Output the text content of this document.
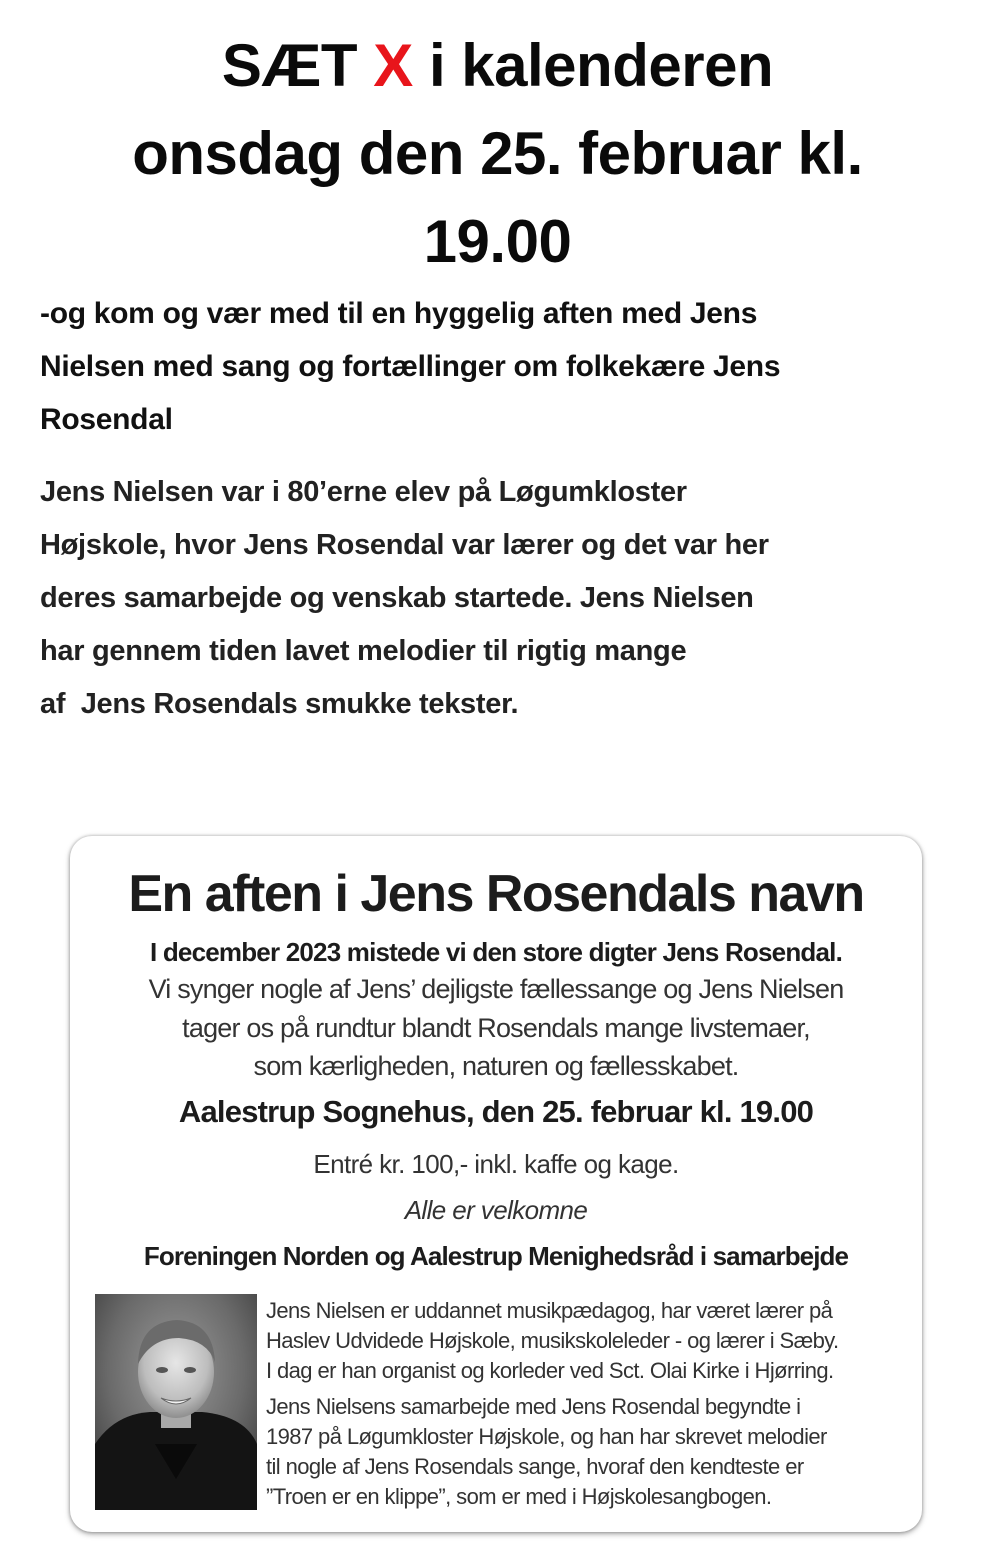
SÆT X i kalenderen
onsdag den 25. februar kl.
19.00
-og kom og vær med til en hyggelig aften med Jens
Nielsen med sang og fortællinger om folkekære Jens
Rosendal
Jens Nielsen var i 80’erne elev på Løgumkloster
Højskole, hvor Jens Rosendal var lærer og det var her
deres samarbejde og venskab startede. Jens Nielsen
har gennem tiden lavet melodier til rigtig mange
af  Jens Rosendals smukke tekster.
En aften i Jens Rosendals navn
I december 2023 mistede vi den store digter Jens Rosendal.
Vi synger nogle af Jens’ dejligste fællessange og Jens Nielsen
tager os på rundtur blandt Rosendals mange livstemaer,
som kærligheden, naturen og fællesskabet.
Aalestrup Sognehus, den 25. februar kl. 19.00
Entré kr. 100,- inkl. kaffe og kage.
Alle er velkomne
Foreningen Norden og Aalestrup Menighedsråd i samarbejde

Jens Nielsen er uddannet musikpædagog, har været lærer på
Haslev Udvidede Højskole, musikskoleleder - og lærer i Sæby.
I dag er han organist og korleder ved Sct. Olai Kirke i Hjørring.

Jens Nielsens samarbejde med Jens Rosendal begyndte i
1987 på Løgumkloster Højskole, og han har skrevet melodier
til nogle af Jens Rosendals sange, hvoraf den kendteste er
”Troen er en klippe”, som er med i Højskolesangbogen.
